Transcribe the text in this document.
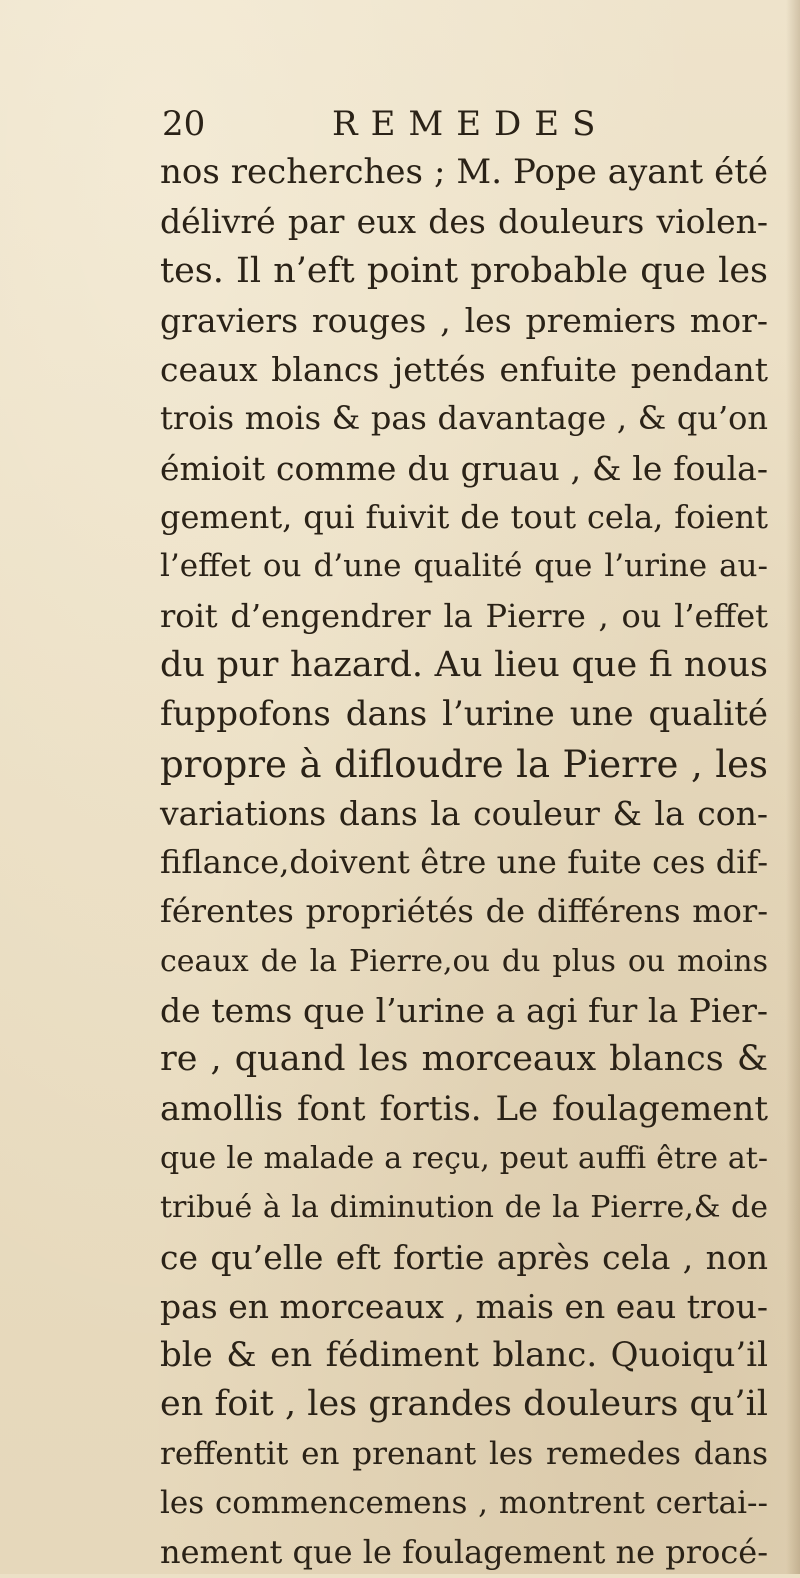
20	REMEDES
nos recherches ; M. Pope ayant été
délivré par eux des douleurs violen-
tes. Il n’eft point probable que les
graviers rouges , les premiers mor-
ceaux blancs jettés enfuite pendant
trois mois & pas davantage , & qu’on
émioit comme du gruau , & le foula-
gement, qui fuivit de tout cela, foient
l’effet ou d’une qualité que l’urine au-
roit d’engendrer la Pierre , ou l’effet
du pur hazard. Au lieu que fi nous
fuppofons dans l’urine une qualité
propre à difloudre la Pierre , les
variations dans la couleur & la con-
fiflance,doivent être une fuite ces dif-
férentes propriétés de différens mor-
ceaux de la Pierre,ou du plus ou moins
de tems que l’urine a agi fur la Pier-
re , quand les morceaux blancs &
amollis font fortis. Le foulagement
que le malade a reçu, peut auffi être at-
tribué à la diminution de la Pierre,& de
ce qu’elle eft fortie après cela , non
pas en morceaux , mais en eau trou-
ble & en fédiment blanc. Quoiqu’il
en foit , les grandes douleurs qu’il
reffentit en prenant les remedes dans
les commencemens , montrent certai--
nement que le foulagement ne procé-
